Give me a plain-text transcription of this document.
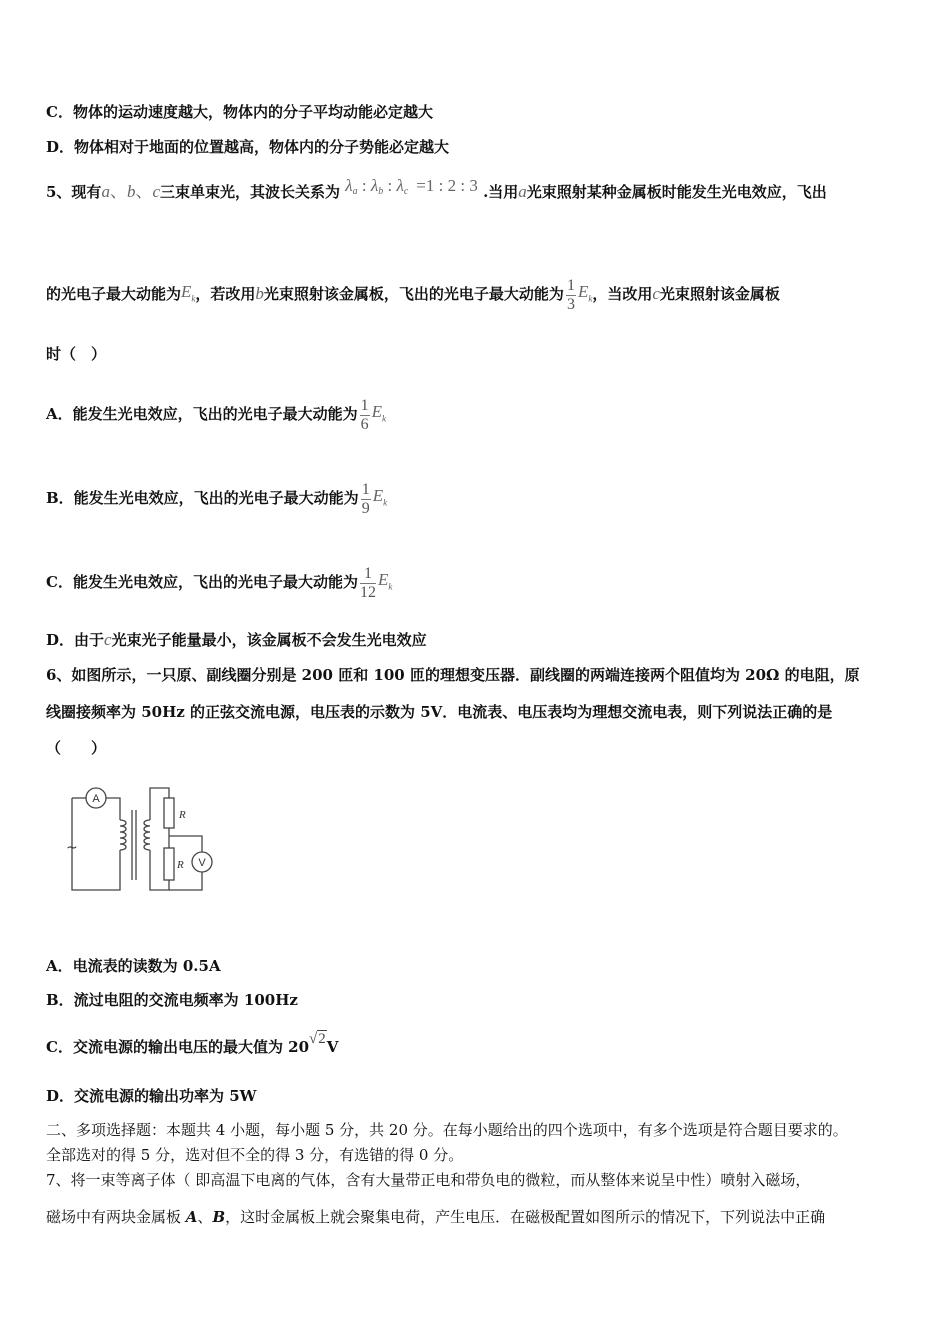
C．物体的运动速度越大，物体内的分子平均动能必定越大
D．物体相对于地面的位置越高，物体内的分子势能必定越大
5、现有a、b、c三束单束光，其波长关系为 $\lambda_a$ : $\lambda_b$ : $\lambda_c =1$ : 2 : 3 .当用a光束照射某种金属板时能发生光电效应，飞出
的光电子最大动能为$E_k$，若改用b光束照射该金属板，飞出的光电子最大动能为 $\frac{1}{3} E_k$，当改用c光束照射该金属板
时（　）
A．能发生光电效应，飞出的光电子最大动能为 $\frac{1}{6} E_k$
B．能发生光电效应，飞出的光电子最大动能为 $\frac{1}{9} E_k$
C．能发生光电效应，飞出的光电子最大动能为 $\frac{1}{12} E_k$
D．由于c光束光子能量最小，该金属板不会发生光电效应
6、如图所示，一只原、副线圈分别是 200 匝和 100 匝的理想变压器．副线圈的两端连接两个阻值均为 20Ω 的电阻，原
线圈接频率为 50Hz 的正弦交流电源，电压表的示数为 5V．电流表、电压表均为理想交流电表，则下列说法正确的是
（　　）
A
V
R
R
~
A．电流表的读数为 0.5A
B．流过电阻的交流电频率为 100Hz
C．交流电源的输出电压的最大值为 20√2V
D．交流电源的输出功率为 5W
二、多项选择题：本题共 4 小题，每小题 5 分，共 20 分。在每小题给出的四个选项中，有多个选项是符合题目要求的。
全部选对的得 5 分，选对但不全的得 3 分，有选错的得 0 分。
7、将一束等离子体（ 即高温下电离的气体，含有大量带正电和带负电的微粒，而从整体来说呈中性）喷射入磁场，
磁场中有两块金属板 A、B，这时金属板上就会聚集电荷，产生电压．在磁极配置如图所示的情况下，下列说法中正确
